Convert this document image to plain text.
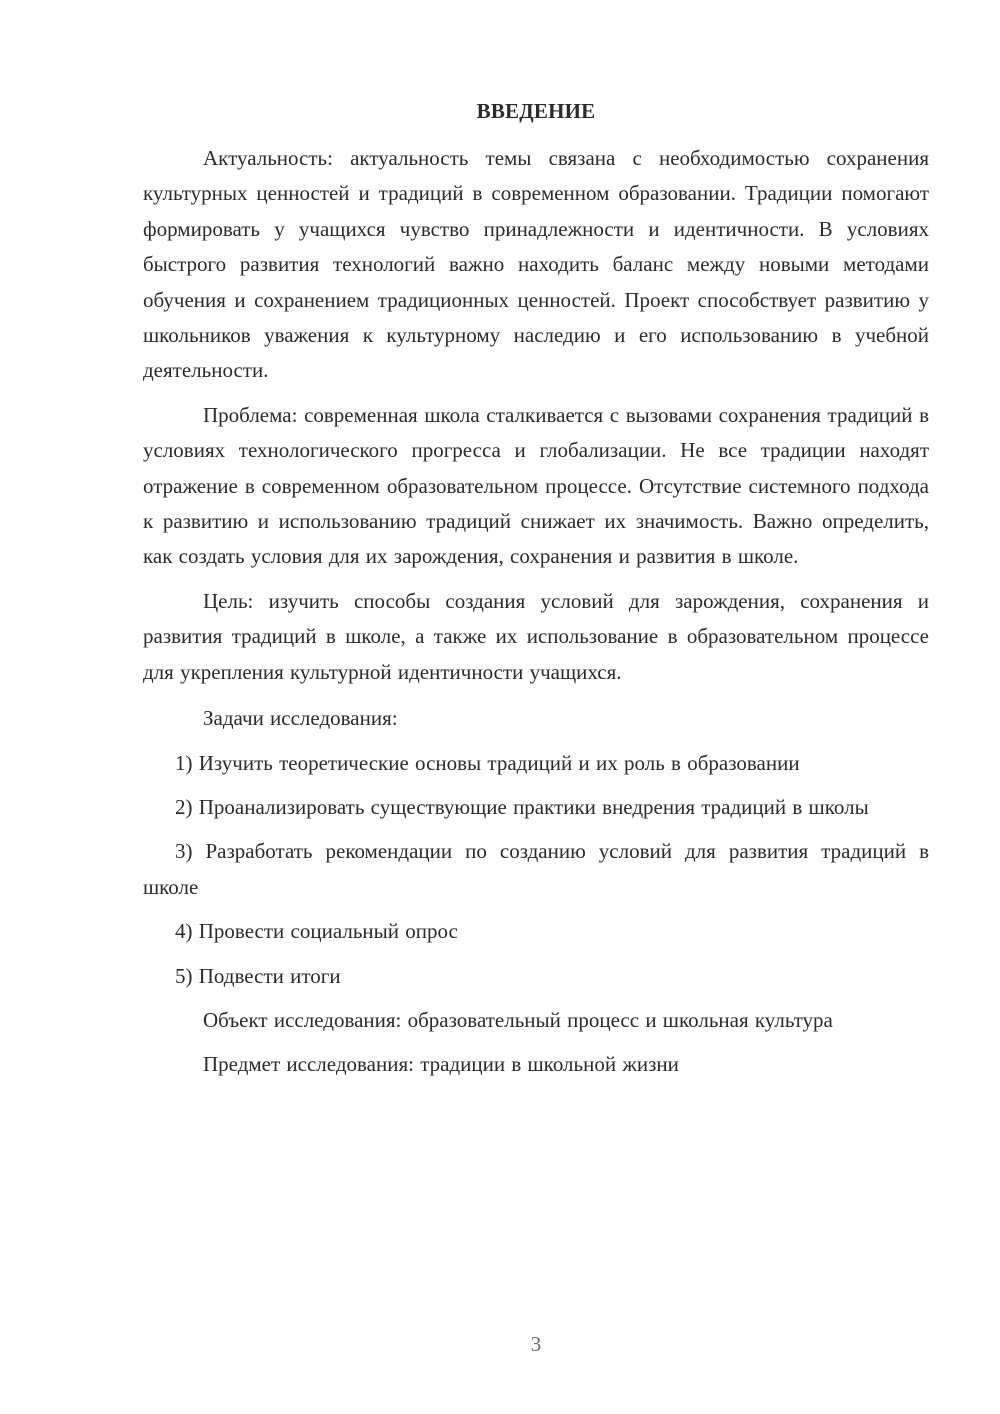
ВВЕДЕНИЕ

Актуальность: актуальность темы связана с необходимостью сохранения культурных ценностей и традиций в современном образовании. Традиции помогают формировать у учащихся чувство принадлежности и идентичности. В условиях быстрого развития технологий важно находить баланс между новыми методами обучения и сохранением традиционных ценностей. Проект способствует развитию у школьников уважения к культурному наследию и его использованию в учебной деятельности.

Проблема: современная школа сталкивается с вызовами сохранения традиций в условиях технологического прогресса и глобализации. Не все традиции находят отражение в современном образовательном процессе. Отсутствие системного подхода к развитию и использованию традиций снижает их значимость. Важно определить, как создать условия для их зарождения, сохранения и развития в школе.

Цель: изучить способы создания условий для зарождения, сохранения и развития традиций в школе, а также их использование в образовательном процессе для укрепления культурной идентичности учащихся.

Задачи исследования:

1) Изучить теоретические основы традиций и их роль в образовании

2) Проанализировать существующие практики внедрения традиций в школы

3) Разработать рекомендации по созданию условий для развития традиций в школе

4) Провести социальный опрос

5) Подвести итоги

Объект исследования: образовательный процесс и школьная культура

Предмет исследования: традиции в школьной жизни

3
